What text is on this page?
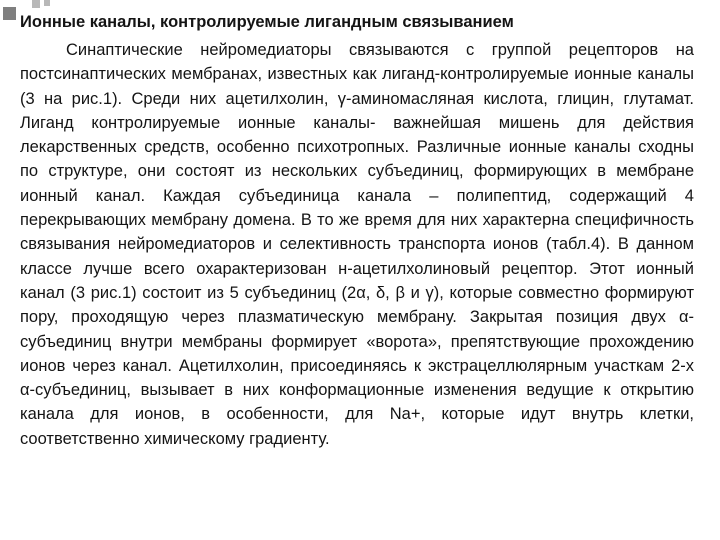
Ионные каналы, контролируемые лигандным связыванием

Синаптические нейромедиаторы связываются с группой рецепторов на постсинаптических мембранах, известных как лиганд-контролируемые ионные каналы (3 на рис.1). Среди них ацетилхолин, γ-аминомасляная кислота, глицин, глутамат. Лиганд контролируемые ионные каналы- важнейшая мишень для действия лекарственных средств, особенно психотропных. Различные ионные каналы сходны по структуре, они состоят из нескольких субъединиц, формирующих в мембране ионный канал. Каждая субъединица канала – полипептид, содержащий 4 перекрывающих мембрану домена. В то же время для них характерна специфичность связывания нейромедиаторов и селективность транспорта ионов (табл.4). В данном классе лучше всего охарактеризован н-ацетилхолиновый рецептор. Этот ионный канал (3 рис.1) состоит из 5 субъединиц (2α, δ, β и γ), которые совместно формируют пору, проходящую через плазматическую мембрану. Закрытая позиция двух α-субъединиц внутри мембраны формирует «ворота», препятствующие прохождению ионов через канал. Ацетилхолин, присоединяясь к экстрацеллюлярным участкам 2-х α-субъединиц, вызывает в них конформационные изменения ведущие к открытию канала для ионов, в особенности, для Na+, которые идут внутрь клетки, соответственно химическому градиенту.
